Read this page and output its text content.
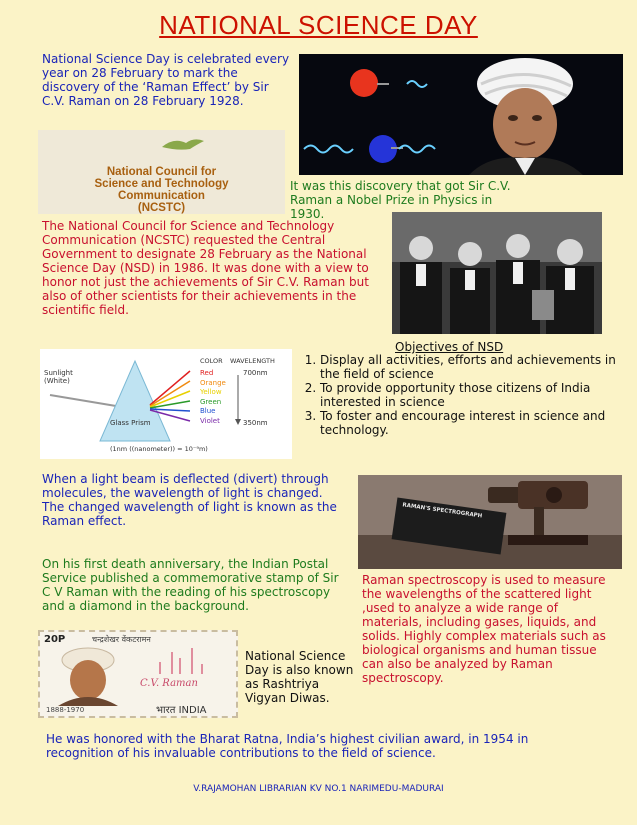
NATIONAL SCIENCE DAY
National Science Day is celebrated every year on 28 February to mark the discovery of the ‘Raman Effect’ by Sir C.V. Raman on 28 February 1928.
National Council for
Science and Technology
Communication
(NCSTC)
It was this discovery that got Sir C.V. Raman a Nobel Prize in Physics in 1930.
The National Council for Science and Technology Communication (NCSTC) requested the Central Government to designate 28 February as the National Science Day (NSD) in 1986. It was done with a view to honor not just the achievements of Sir C.V. Raman but also of other scientists for their achievements in the scientific field.
Objectives of NSD
1. Display all activities, efforts and achievements in the field of science
2. To provide opportunity those citizens of India interested in science
3. To foster and encourage interest in science and technology.
Sunlight (White)
Glass Prism
COLOR WAVELENGTH
Red
Orange
Yellow
Green
Blue
Violet
700nm
350nm
(1nm ((nanometer)) = 10⁻⁹m)
When a light beam is deflected (divert) through molecules, the wavelength of light is changed. The changed wavelength of light is known as the Raman effect.
RAMAN'S SPECTROGRAPH
On his first death anniversary, the Indian Postal Service published a commemorative stamp of Sir C V Raman with the reading of his spectroscopy and a diamond in the background.
Raman spectroscopy is used to measure the wavelengths of the scattered light ,used to analyze a wide range of materials, including gases, liquids, and solids. Highly complex materials such as biological organisms and human tissue can also be analyzed by Raman spectroscopy.
20P	चन्द्रशेखर वेंकटरामन
C.V. Raman
1888-1970	भारत INDIA
National Science Day is also known as Rashtriya Vigyan Diwas.
He was honored with the Bharat Ratna, India’s highest civilian award, in 1954 in recognition of his invaluable contributions to the field of science.
V.RAJAMOHAN LIBRARIAN KV NO.1 NARIMEDU-MADURAI
